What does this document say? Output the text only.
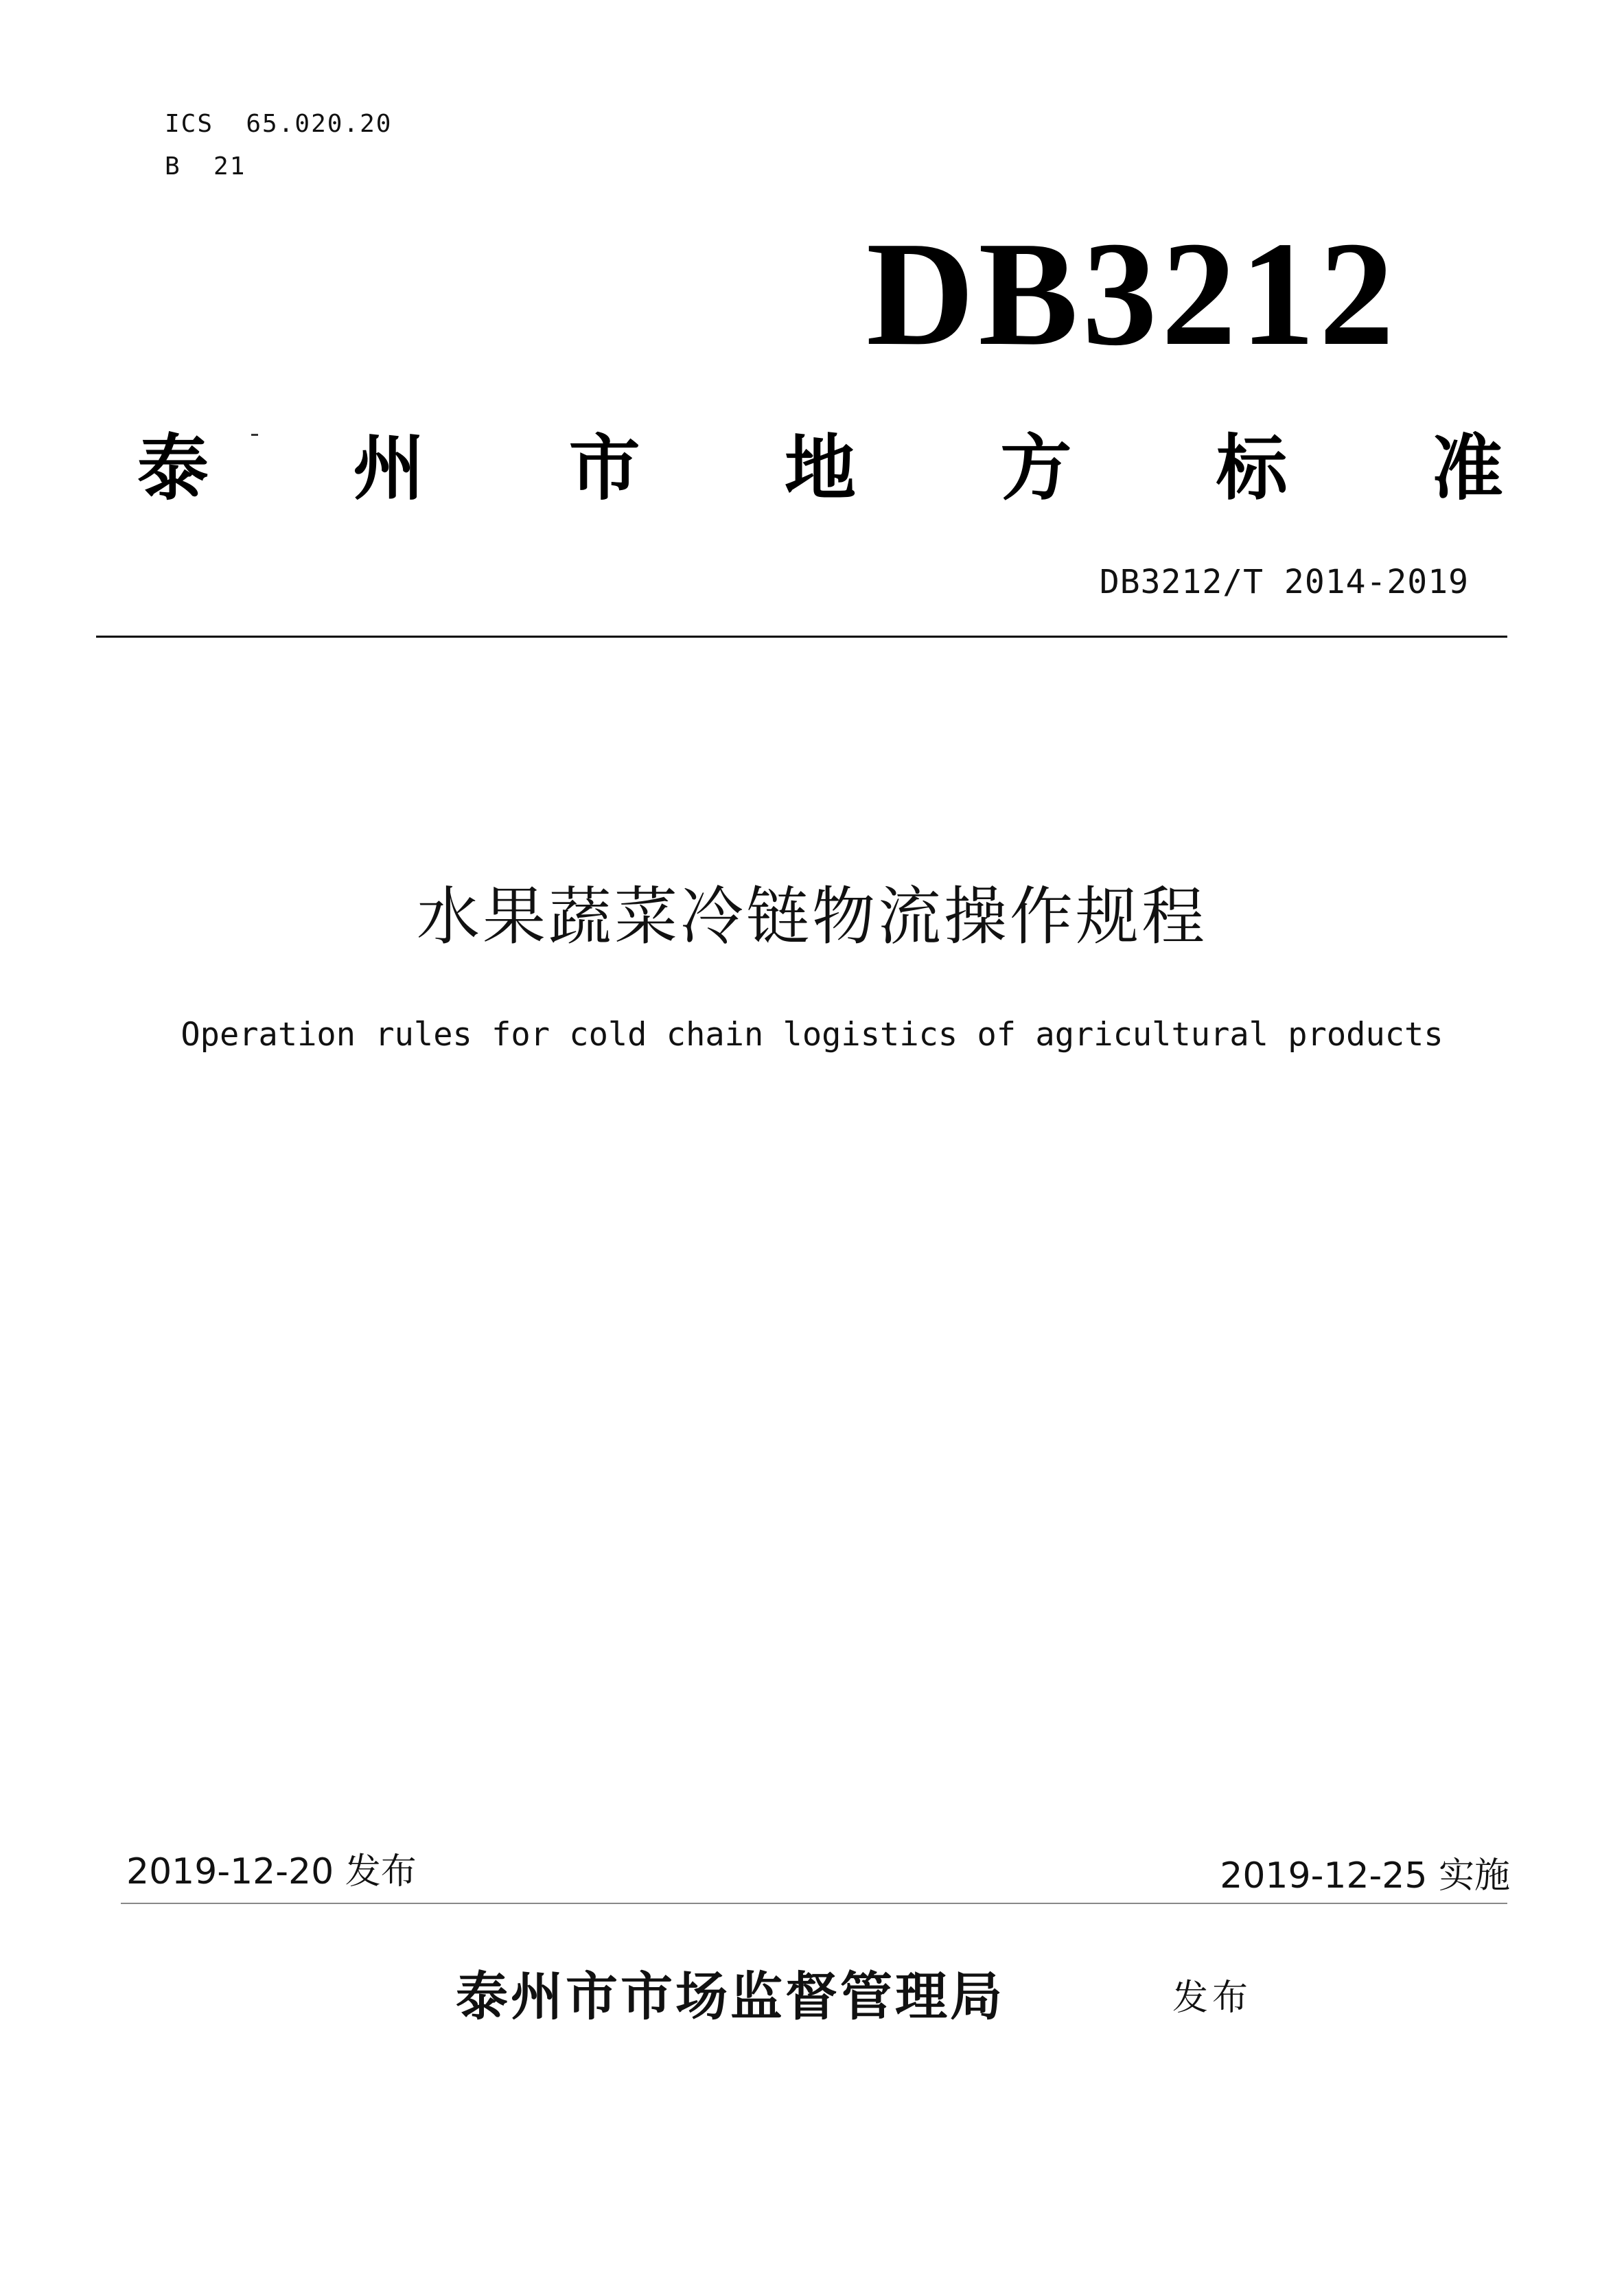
ICS  65.020.20
B  21
DB3212
泰 州 市 地 方 标 准
DB3212/T 2014-2019
水果蔬菜冷链物流操作规程
Operation rules for cold chain logistics of agricultural products
2019-12-20 发布	2019-12-25 实施
泰州市市场监督管理局	发布
